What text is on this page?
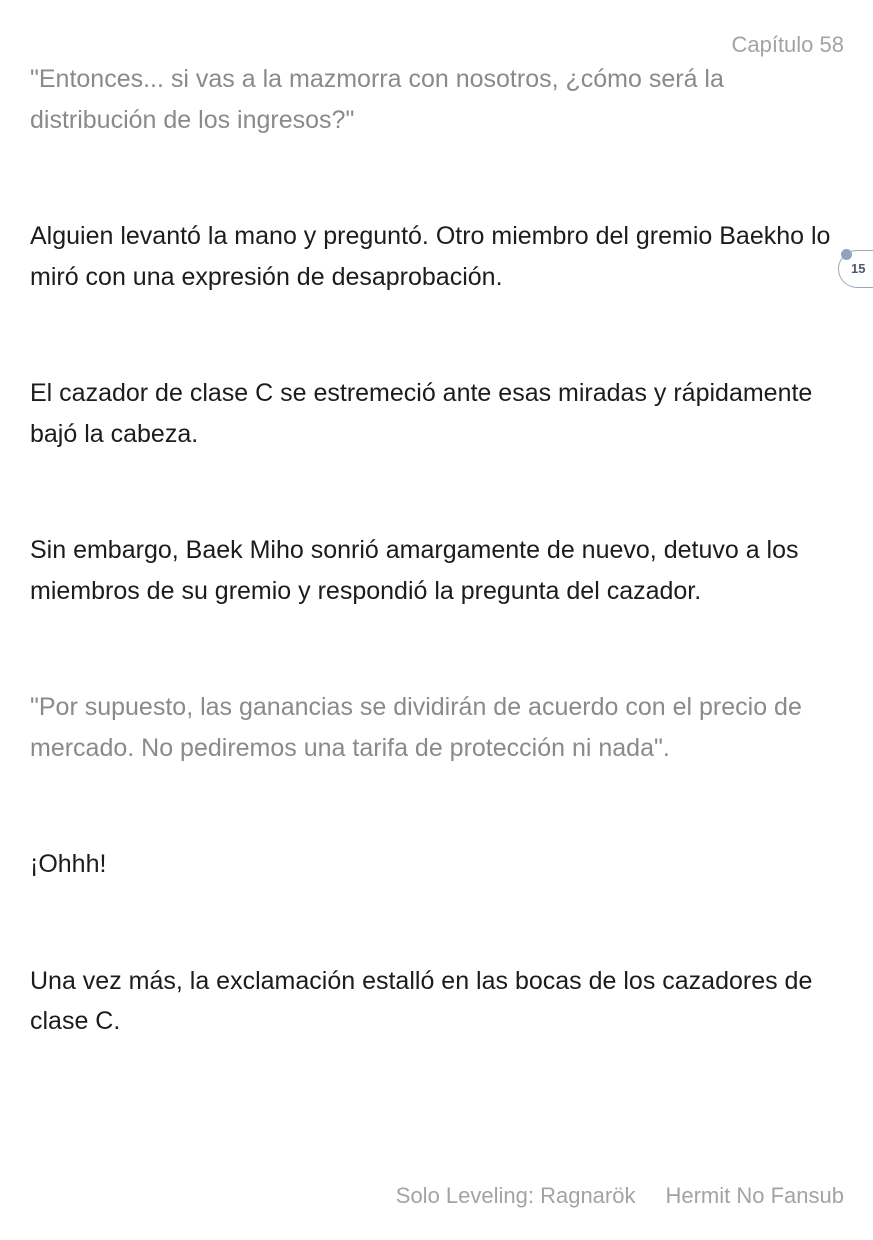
Capítulo 58

"Entonces... si vas a la mazmorra con nosotros, ¿cómo será la distribución de los ingresos?"

Alguien levantó la mano y preguntó. Otro miembro del gremio Baekho lo miró con una expresión de desaprobación.

El cazador de clase C se estremeció ante esas miradas y rápidamente bajó la cabeza.

Sin embargo, Baek Miho sonrió amargamente de nuevo, detuvo a los miembros de su gremio y respondió la pregunta del cazador.

"Por supuesto, las ganancias se dividirán de acuerdo con el precio de mercado. No pediremos una tarifa de protección ni nada".

¡Ohhh!

Una vez más, la exclamación estalló en las bocas de los cazadores de clase C.

15
Solo Leveling: Ragnarök Hermit No Fansub
